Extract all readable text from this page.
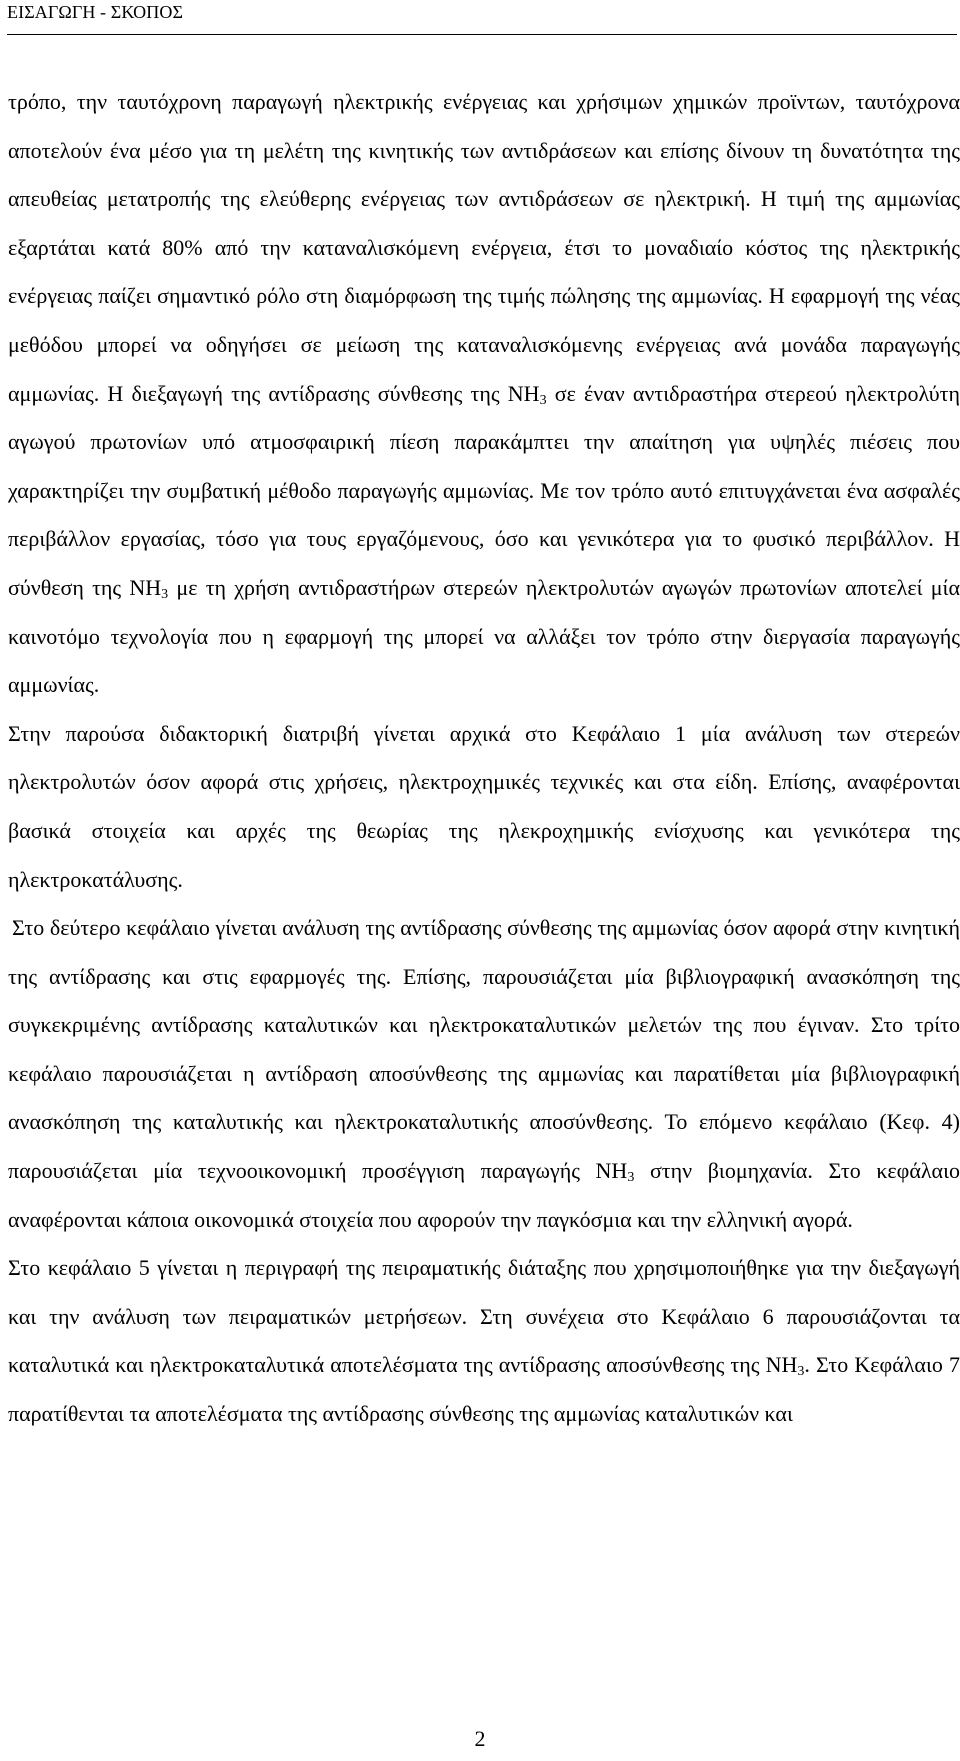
ΕΙΣΑΓΩΓΗ - ΣΚΟΠΟΣ

τρόπο, την ταυτόχρονη παραγωγή ηλεκτρικής ενέργειας και χρήσιμων χημικών προϊντων, ταυτόχρονα αποτελούν ένα μέσο για τη μελέτη της κινητικής των αντιδράσεων και επίσης δίνουν τη δυνατότητα της απευθείας μετατροπής της ελεύθερης ενέργειας των αντιδράσεων σε ηλεκτρική. Η τιμή της αμμωνίας εξαρτάται κατά 80% από την καταναλισκόμενη ενέργεια, έτσι το μοναδιαίο κόστος της ηλεκτρικής ενέργειας παίζει σημαντικό ρόλο στη διαμόρφωση της τιμής πώλησης της αμμωνίας. Η εφαρμογή της νέας μεθόδου μπορεί να οδηγήσει σε μείωση της καταναλισκόμενης ενέργειας ανά μονάδα παραγωγής αμμωνίας. Η διεξαγωγή της αντίδρασης σύνθεσης της $NH_3$ σε έναν αντιδραστήρα στερεού ηλεκτρολύτη αγωγού πρωτονίων υπό ατμοσφαιρική πίεση παρακάμπτει την απαίτηση για υψηλές πιέσεις που χαρακτηρίζει την συμβατική μέθοδο παραγωγής αμμωνίας. Με τον τρόπο αυτό επιτυγχάνεται ένα ασφαλές περιβάλλον εργασίας, τόσο για τους εργαζόμενους, όσο και γενικότερα για το φυσικό περιβάλλον. Η σύνθεση της $NH_3$ με τη χρήση αντιδραστήρων στερεών ηλεκτρολυτών αγωγών πρωτονίων αποτελεί μία καινοτόμο τεχνολογία που η εφαρμογή της μπορεί να αλλάξει τον τρόπο στην διεργασία παραγωγής αμμωνίας.

Στην παρούσα διδακτορική διατριβή γίνεται αρχικά στο Κεφάλαιο 1 μία ανάλυση των στερεών ηλεκτρολυτών όσον αφορά στις χρήσεις, ηλεκτροχημικές τεχνικές και στα είδη. Επίσης, αναφέρονται βασικά στοιχεία και αρχές της θεωρίας της ηλεκροχημικής ενίσχυσης και γενικότερα της ηλεκτροκατάλυσης.

Στο δεύτερο κεφάλαιο γίνεται ανάλυση της αντίδρασης σύνθεσης της αμμωνίας όσον αφορά στην κινητική της αντίδρασης και στις εφαρμογές της. Επίσης, παρουσιάζεται μία βιβλιογραφική ανασκόπηση της συγκεκριμένης αντίδρασης καταλυτικών και ηλεκτροκαταλυτικών μελετών της που έγιναν. Στο τρίτο κεφάλαιο παρουσιάζεται η αντίδραση αποσύνθεσης της αμμωνίας και παρατίθεται μία βιβλιογραφική ανασκόπηση της καταλυτικής και ηλεκτροκαταλυτικής αποσύνθεσης. Το επόμενο κεφάλαιο (Κεφ. 4) παρουσιάζεται μία τεχνοοικονομική προσέγγιση παραγωγής $NH_3$ στην βιομηχανία. Στο κεφάλαιο αναφέρονται κάποια οικονομικά στοιχεία που αφορούν την παγκόσμια και την ελληνική αγορά.

Στο κεφάλαιο 5 γίνεται η περιγραφή της πειραματικής διάταξης που χρησιμοποιήθηκε για την διεξαγωγή και την ανάλυση των πειραματικών μετρήσεων. Στη συνέχεια στο Κεφάλαιο 6 παρουσιάζονται τα καταλυτικά και ηλεκτροκαταλυτικά αποτελέσματα της αντίδρασης αποσύνθεσης της $NH_3$. Στο Κεφάλαιο 7 παρατίθενται τα αποτελέσματα της αντίδρασης σύνθεσης της αμμωνίας καταλυτικών και

2
